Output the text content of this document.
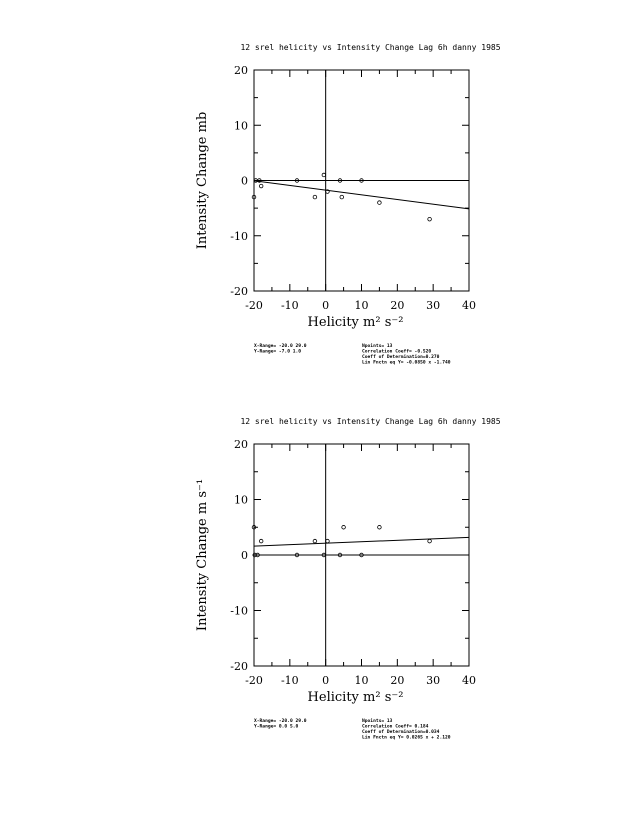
12 srel helicity vs Intensity Change Lag 6h danny 1985
-20 -10 0 10 20 30 40
20
10
0
-10
-20
Helicity m² s⁻²
Intensity Change mb
X-Range= -20.0 29.0
Y-Range= -7.0 1.0
Npoints= 13
Correlation Coeff= -0.520
Coeff of Determination=0.270
Lin Fnctn eq Y= -0.0850 x -1.740
12 srel helicity vs Intensity Change Lag 6h danny 1985
-20 -10 0 10 20 30 40
20
10
0
-10
-20
Helicity m² s⁻²
Intensity Change m s⁻¹
X-Range= -20.0 29.0
Y-Range= 0.0 5.0
Npoints= 13
Correlation Coeff= 0.184
Coeff of Determination=0.034
Lin Fnctn eq Y= 0.0265 x + 2.120
